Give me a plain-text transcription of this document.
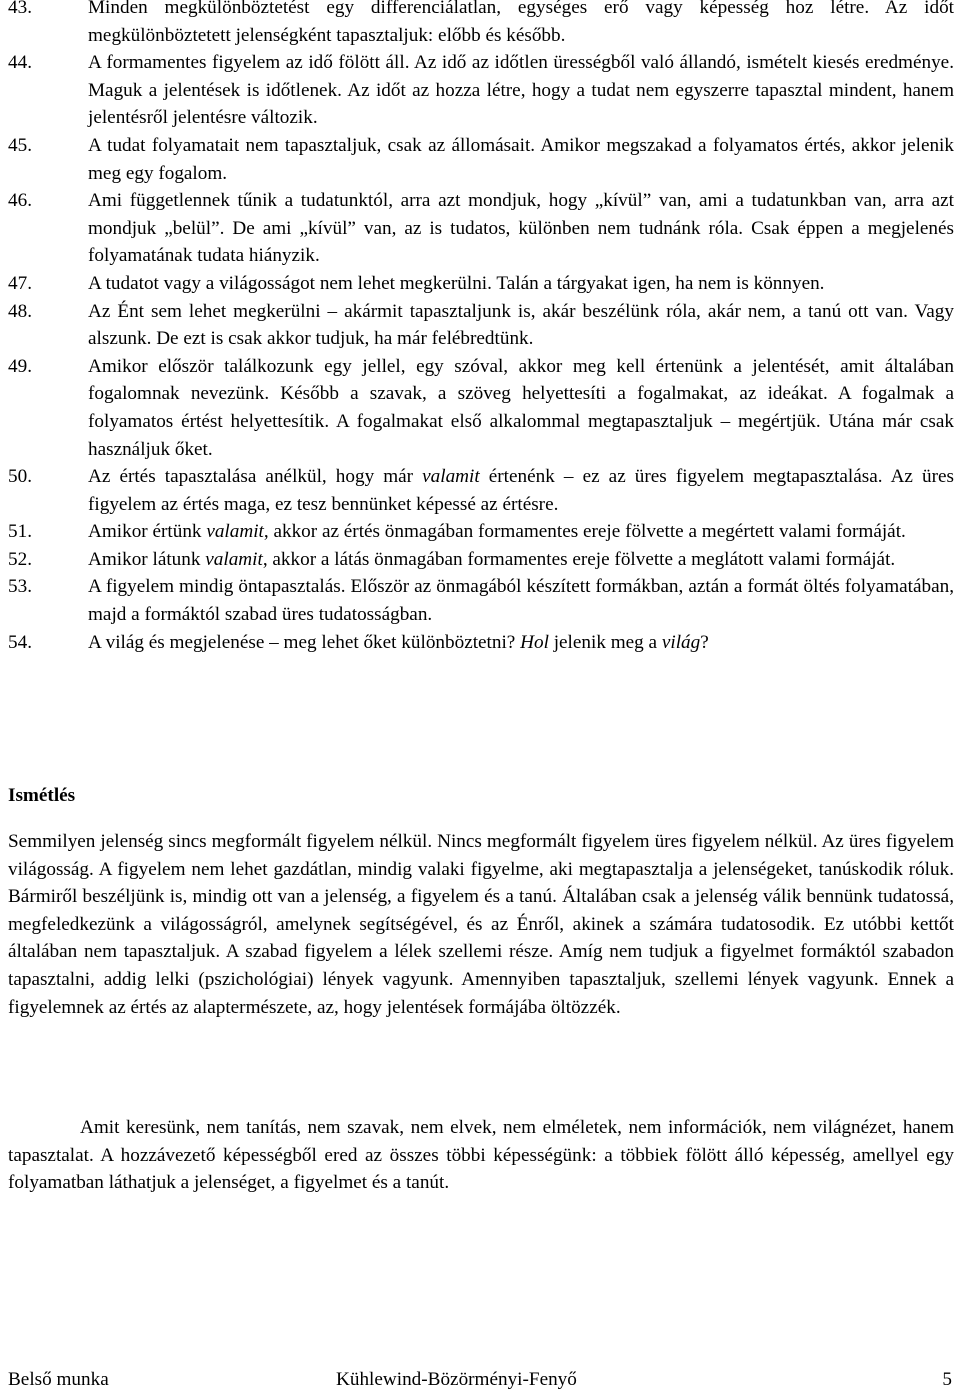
43.	Minden megkülönböztetést egy differenciálatlan, egységes erő vagy képesség hoz létre. Az időt megkülönböztetett jelenségként tapasztaljuk: előbb és később.
44.	A formamentes figyelem az idő fölött áll. Az idő az időtlen ürességből való állandó, ismételt kiesés eredménye. Maguk a jelentések is időtlenek. Az időt az hozza létre, hogy a tudat nem egyszerre tapasztal mindent, hanem jelentésről jelentésre változik.
45.	A tudat folyamatait nem tapasztaljuk, csak az állomásait. Amikor megszakad a folyamatos értés, akkor jelenik meg egy fogalom.
46.	Ami függetlennek tűnik a tudatunktól, arra azt mondjuk, hogy „kívül” van, ami a tudatunkban van, arra azt mondjuk „belül”. De ami „kívül” van, az is tudatos, különben nem tudnánk róla. Csak éppen a megjelenés folyamatának tudata hiányzik.
47.	A tudatot vagy a világosságot nem lehet megkerülni. Talán a tárgyakat igen, ha nem is könnyen.
48.	Az Ént sem lehet megkerülni – akármit tapasztaljunk is, akár beszélünk róla, akár nem, a tanú ott van. Vagy alszunk. De ezt is csak akkor tudjuk, ha már felébredtünk.
49.	Amikor először találkozunk egy jellel, egy szóval, akkor meg kell értenünk a jelentését, amit általában fogalomnak nevezünk. Később a szavak, a szöveg helyettesíti a fogalmakat, az ideákat. A fogalmak a folyamatos értést helyettesítik. A fogalmakat első alkalommal megtapasztaljuk – megértjük. Utána már csak használjuk őket.
50.	Az értés tapasztalása anélkül, hogy már valamit értenénk – ez az üres figyelem megtapasztalása. Az üres figyelem az értés maga, ez tesz bennünket képessé az értésre.
51.	Amikor értünk valamit, akkor az értés önmagában formamentes ereje fölvette a megértett valami formáját.
52.	Amikor látunk valamit, akkor a látás önmagában formamentes ereje fölvette a meglátott valami formáját.
53.	A figyelem mindig öntapasztalás. Először az önmagából készített formákban, aztán a formát öltés folyamatában, majd a formáktól szabad üres tudatosságban.
54.	A világ és megjelenése – meg lehet őket különböztetni? Hol jelenik meg a világ?
Ismétlés

Semmilyen jelenség sincs megformált figyelem nélkül. Nincs megformált figyelem üres figyelem nélkül. Az üres figyelem világosság. A figyelem nem lehet gazdátlan, mindig valaki figyelme, aki megtapasztalja a jelenségeket, tanúskodik róluk. Bármiről beszéljünk is, mindig ott van a jelenség, a figyelem és a tanú. Általában csak a jelenség válik bennünk tudatossá, megfeledkezünk a világosságról, amelynek segítségével, és az Énről, akinek a számára tudatosodik. Ez utóbbi kettőt általában nem tapasztaljuk. A szabad figyelem a lélek szellemi része. Amíg nem tudjuk a figyelmet formáktól szabadon tapasztalni, addig lelki (pszichológiai) lények vagyunk. Amennyiben tapasztaljuk, szellemi lények vagyunk. Ennek a figyelemnek az értés az alaptermészete, az, hogy jelentések formájába öltözzék.

Amit keresünk, nem tanítás, nem szavak, nem elvek, nem elméletek, nem információk, nem világnézet, hanem tapasztalat. A hozzávezető képességből ered az összes többi képességünk: a többiek fölött álló képesség, amellyel egy folyamatban láthatjuk a jelenséget, a figyelmet és a tanút.

Belső munka	Kühlewind-Bözörményi-Fenyő	5
